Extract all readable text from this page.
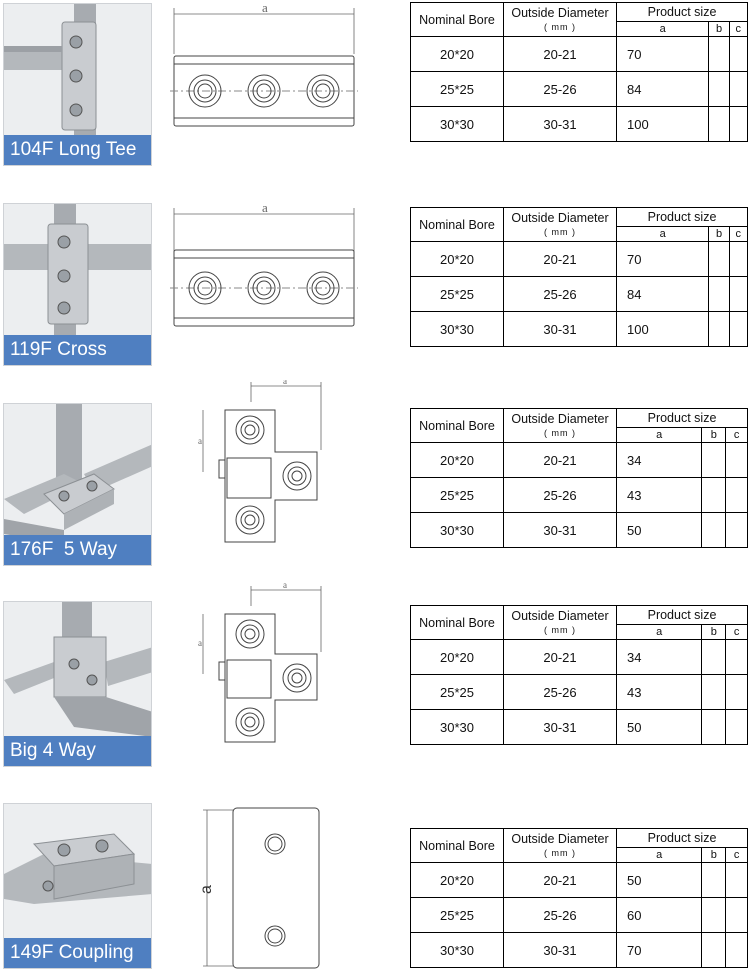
104F Long Tee
a
Nominal Bore	Outside Diameter
( mm )	Product size		
		a	b	c
20*20	20-21	70		
25*25	25-26	84		
30*30	30-31	100		
119F Cross
a
Nominal Bore	Outside Diameter
( mm )	Product size		
		a	b	c
20*20	20-21	70		
25*25	25-26	84		
30*30	30-31	100		
176F  5 Way
a
a
Nominal Bore	Outside Diameter
( mm )	Product size		
		a	b	c
20*20	20-21	34		
25*25	25-26	43		
30*30	30-31	50		
Big 4 Way
a
a
Nominal Bore	Outside Diameter
( mm )	Product size		
		a	b	c
20*20	20-21	34		
25*25	25-26	43		
30*30	30-31	50		
149F Coupling
a
Nominal Bore	Outside Diameter
( mm )	Product size		
		a	b	c
20*20	20-21	50		
25*25	25-26	60		
30*30	30-31	70		
